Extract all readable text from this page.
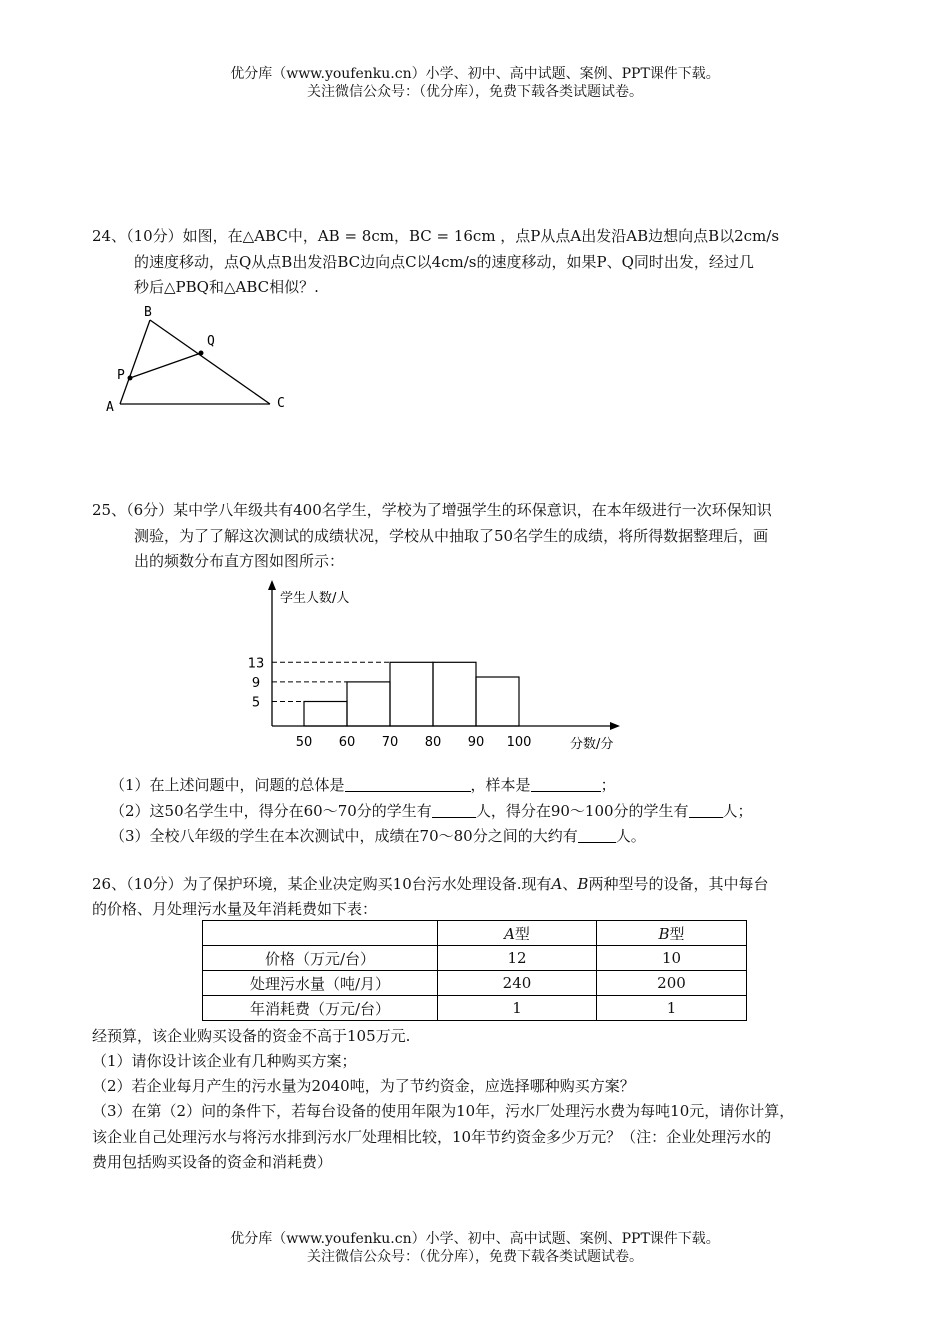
优分库（www.youfenku.cn）小学、初中、高中试题、案例、PPT课件下载。
关注微信公众号：（优分库），免费下载各类试题试卷。
24、（10分）如图，在△ABC中，AB = 8cm，BC = 16cm ，点P从点A出发沿AB边想向点B以2cm/s
的速度移动，点Q从点B出发沿BC边向点C以4cm/s的速度移动，如果P、Q同时出发，经过几
秒后△PBQ和△ABC相似？.
B
Q
P
A	C
25、（6分）某中学八年级共有400名学生，学校为了增强学生的环保意识，在本年级进行一次环保知识
测验，为了了解这次测试的成绩状况，学校从中抽取了50名学生的成绩，将所得数据整理后，画
出的频数分布直方图如图所示：
学生人数/人
分数/分
5
9
13
50 60 70 80 90 100
（1）在上述问题中，问题的总体是	，样本是	；
（2）这50名学生中，得分在60～70分的学生有	人，得分在90～100分的学生有 人；
（3）全校八年级的学生在本次测试中，成绩在70～80分之间的大约有	人。
26、（10分）为了保护环境，某企业决定购买10台污水处理设备.现有A、B两种型号的设备，其中每台
的价格、月处理污水量及年消耗费如下表：
	A型	B型
价格（万元/台）	12	10
处理污水量（吨/月）	240	200
年消耗费（万元/台）	1	1
经预算，该企业购买设备的资金不高于105万元.
（1）请你设计该企业有几种购买方案；
（2）若企业每月产生的污水量为2040吨，为了节约资金，应选择哪种购买方案？
（3）在第（2）问的条件下，若每台设备的使用年限为10年，污水厂处理污水费为每吨10元，请你计算，
该企业自己处理污水与将污水排到污水厂处理相比较，10年节约资金多少万元？（注：企业处理污水的
费用包括购买设备的资金和消耗费）
优分库（www.youfenku.cn）小学、初中、高中试题、案例、PPT课件下载。
关注微信公众号：（优分库），免费下载各类试题试卷。
